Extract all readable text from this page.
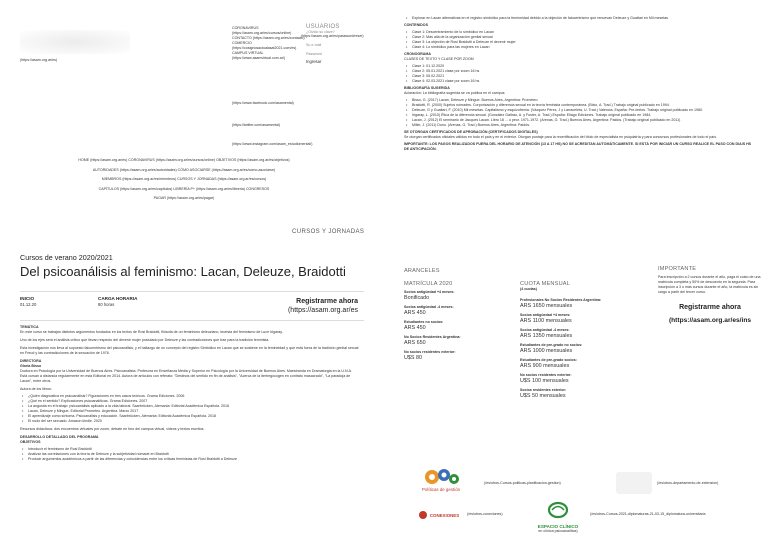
(https://asam.org.ar/es)
CORONAVIRUS (https://asam.org.ar/es/cursos/online)
CONTACTO (https://asam.org.ar/es/contacto)
COMERCIO (https://cosignosactualasat2021.com/es)
CAMPUS VIRTUAL (https://www.asamvirtual.com.ar/)
USUARIOS
¿Olvido su clave?
(https://asam.org.ar/es/password/reset)
Su e-mail
Password
Ingresar
(https://www.facebook.com/asamental)
(https://twitter.com/asamental)
(https://www.instagram.com/asam_estudiomental/)
HOME (https://asam.org.ar/es) CORONAVIRUS (https://asam.org.ar/es/cursos/online) OBJETIVOS (https://asam.org.ar/es/objetivos)
AUTORIDADES (https://asam.org.ar/es/autoridades) CÓMO ASOCIARSE (https://asam.org.ar/es/como-asociarse)
MIEMBROS (https://asam.org.ar/es/miembros) CURSOS Y JORNADAS (https://asam.org.ar/es/cursos)
CAPÍTULOS (https://asam.org.ar/es/capitulos) LIBRERÍA P+ (https://asam.org.ar/es/libreria) CONGRESOS
PAGAR (https://asam.org.ar/es/pagar)
CURSOS Y JORNADAS
Cursos de verano 2020/2021
Del psicoanálisis al feminismo: Lacan, Deleuze, Braidotti
INICIO
01.12.20
CARGA HORARIA
80 horas	Registrarme ahora
(https://asam.org.ar/es
TEMÁTICA
En este curso se trabajan distintos argumentos fundados en los textos de Rosi Braidotti, filósofa de un feminismo deleuziano, teorista del feminismo de Luce Irigaray.
Uno de los ejes será el análisis crítico que llevan respecto del devenir mujer postulado por Deleuze y las contradicciones que trae para la tradición feminista.
Esta investigación nos lleva al supuesto falocentrismo del psicoanálisis, y el hallazgo de un concepto del registro Simbólico en Lacan que se sostiene en la femineidad y que está fuera de la tradición genital sexual en Freud y las contradicciones de la sexuación de 1976.
DIRECTORA
Gloria Bisso
Doctora en Psicología por la Universidad de Buenos Aires. Psicoanalista. Profesora en Enseñanza Media y Superior en Psicología por la Universidad de Buenos Aires. Maestranda en Dramaturgia en la U.N.A. Está cursan a distancia regularmente en esta Editorial en 2014. Autora de artículos con referato: "Destinos del sentido en fin de análisis", "Acerca de la iterhegocogen en contrato masacrado", "La paradoja de Lacan", entre otros.
Autora de los libros:
• ¿Quién diagnostica en psicoanálisis? Figuraciones en tres casos teóricos. Grama Ediciones. 2006
• ¿Qué es el sentido? Explicaciones psicoanalíticas. Grama Ediciones. 2007
• La angustia en el trabajo: psicoanálisis aplicado a la vida laboral. Saarbrücken, Alemania: Editorial Académica Española. 2016
• Lacan, Deleuze y Mingue. Editorial Prometeo. Argentina. Marzo 2017
• El aprendizaje como síntoma. Psicoanálisis y educación. Saarbrücken, Alemania: Editorial Académica Española. 2018
• El nudo del ser sexuado. Amazon kindle. 2020
Recursos didácticos: dos encuentros virtuales por zoom, debate en foro del campus virtual, videos y textos escritos.
DESARROLLO DETALLADO DEL PROGRAMA
OBJETIVOS
• Introducir el feminismo de Rosi Braidotti
• Analizar las correlaciones con la teoría de Deleuze y la subjetividad nómade en Braidotti
• Producir argumentos académicos a partir de las diferencias y coincidencias entre los críticas feministas de Rosi Braidotti a Deleuze
• Explorar en Lacan alternativas en el registro simbólico para la femineidad debido a la objeción de falocentrismo que renuevan Deleuze y Guattari en Mil mesetas
CONTENIDOS
• Clase 1: Descentramiento de lo simbólico en Lacan
• Clase 2: Más allá de la organización genital sexual
• Clase 3: La objeción de Rosi Braidotti a Deleuze el devenir mujer
• Clase 4: Lo simbólico para las mujeres en Lacan
CRONOGRAMA
CLASES DE TEXTO Y CLASE POR ZOOM
• Clase 1: 01.12.2020
• Clase 2: 05.01.2021 clase por zoom 16 hs
• Clase 3: 05.02.2021
• Clase 4: 02.03.2021 clase por zoom 16 hs
BIBLIOGRAFÍA SUGERIDA
Aclaración: La bibliografía sugerida se va publica en el campus
• Bisso, G. (2017) Lacan, Deleuze y Mingue. Buenos Aires, Argentina: Prometeo
• Braidotti, R. (2000) Sujetos nómades. Corporización y diferencia sexual en la teoría feminista contemporánea. (Bixio, A. Trad.) Trabajo original publicado en 1994.
• Deleuze, G y Guattari, F. (2010) Mil mesetas. Capitalismo y esquizofrenia. (Vázquez Pérez, J y Larraceleta, U. Trad.) Valencia, España: Pre-textos. Trabajo original publicado en 1980.
• Irigaray, L. (2010) Ética de la diferencia sexual. (González Galtrao, A. y Fuster, A. Trad.) España: Ellago Ediciones. Trabajo original publicado en 1984.
• Lacan, J. (2012) El seminario de Jacques Lacan. Libro 18 ... o peor. 1971-1972. (Arenas, G. Trad.) Buenos Aires, Argentina: Paidós. (Trabajo original publicado en 2011)
• Miller, J. (2011) Dono. (Arenas, G. Trad.) Buenos Aires, Argentina: Paidós.
SE OTORGAN CERTIFICADOS DE APROBACIÓN (CERTIFICADOS DIGITALES)
Se otorgan certificados oficiales válidos en todo el país y en el exterior. Otorgan puntaje para la recertificación del título de especialista en psiquiatría y para concursos profesionales de todo el país.
IMPORTANTE: LOS PAGOS REALIZADOS FUERA DEL HORARIO DE ATENCIÓN (13 A 17 HS) NO SE ACREDITAN AUTOMÁTICAMENTE. SI ESTÁ POR INICIAR UN CURSO REALICE EL PASO CON DIA/S HS DE ANTICIPACIÓN.
ARANCELES
MATRÍCULA 2020
Socios antigüedad +4 meses:
Bonificado
Socios antigüedad -4 meses:
ARS 450
Estudiantes no socios:
ARS 450
No Socios Residentes Argentina:
ARS 650
No socios residentes exterior:
U$S 80
CUOTA MENSUAL
(4 cuotas)
Profesionales No Socios Residentes Argentina:
ARS 1650 mensuales
Socios antigüedad +4 meses:
ARS 1100 mensuales
Socios antigüedad -4 meses:
ARS 1350 mensuales
Estudiantes de pre-grado no socios:
ARS 1000 mensuales
Estudiantes de pre-grado socios:
ARS 900 mensuales
No socios residentes exterior:
U$S 100 mensuales
Socios residentes exterior:
U$S 50 mensuales
IMPORTANTE
Para inscripción a 2 cursos durante el año, paga el costo de una matrícula completa y 50% de descuento en la segunda. Para inscripción a 3 o más cursos durante el año, la matrícula es sin cargo a partir del tercer curso.
Registrarme ahora
(https://asam.org.ar/es/ins
Políticas de gestión
(/es/otros-Cursos-politicas-planificacion-gestion)	(/es/otros-departamento-de-extension)
CONEXIONES (/es/otros-conexiones)
ESPACIO CLÍNICO
en clínica psicoanalítica)
(/es/otros-Cursos-2021-diplomaturas-21-03-15_diplomatura-universitaria
